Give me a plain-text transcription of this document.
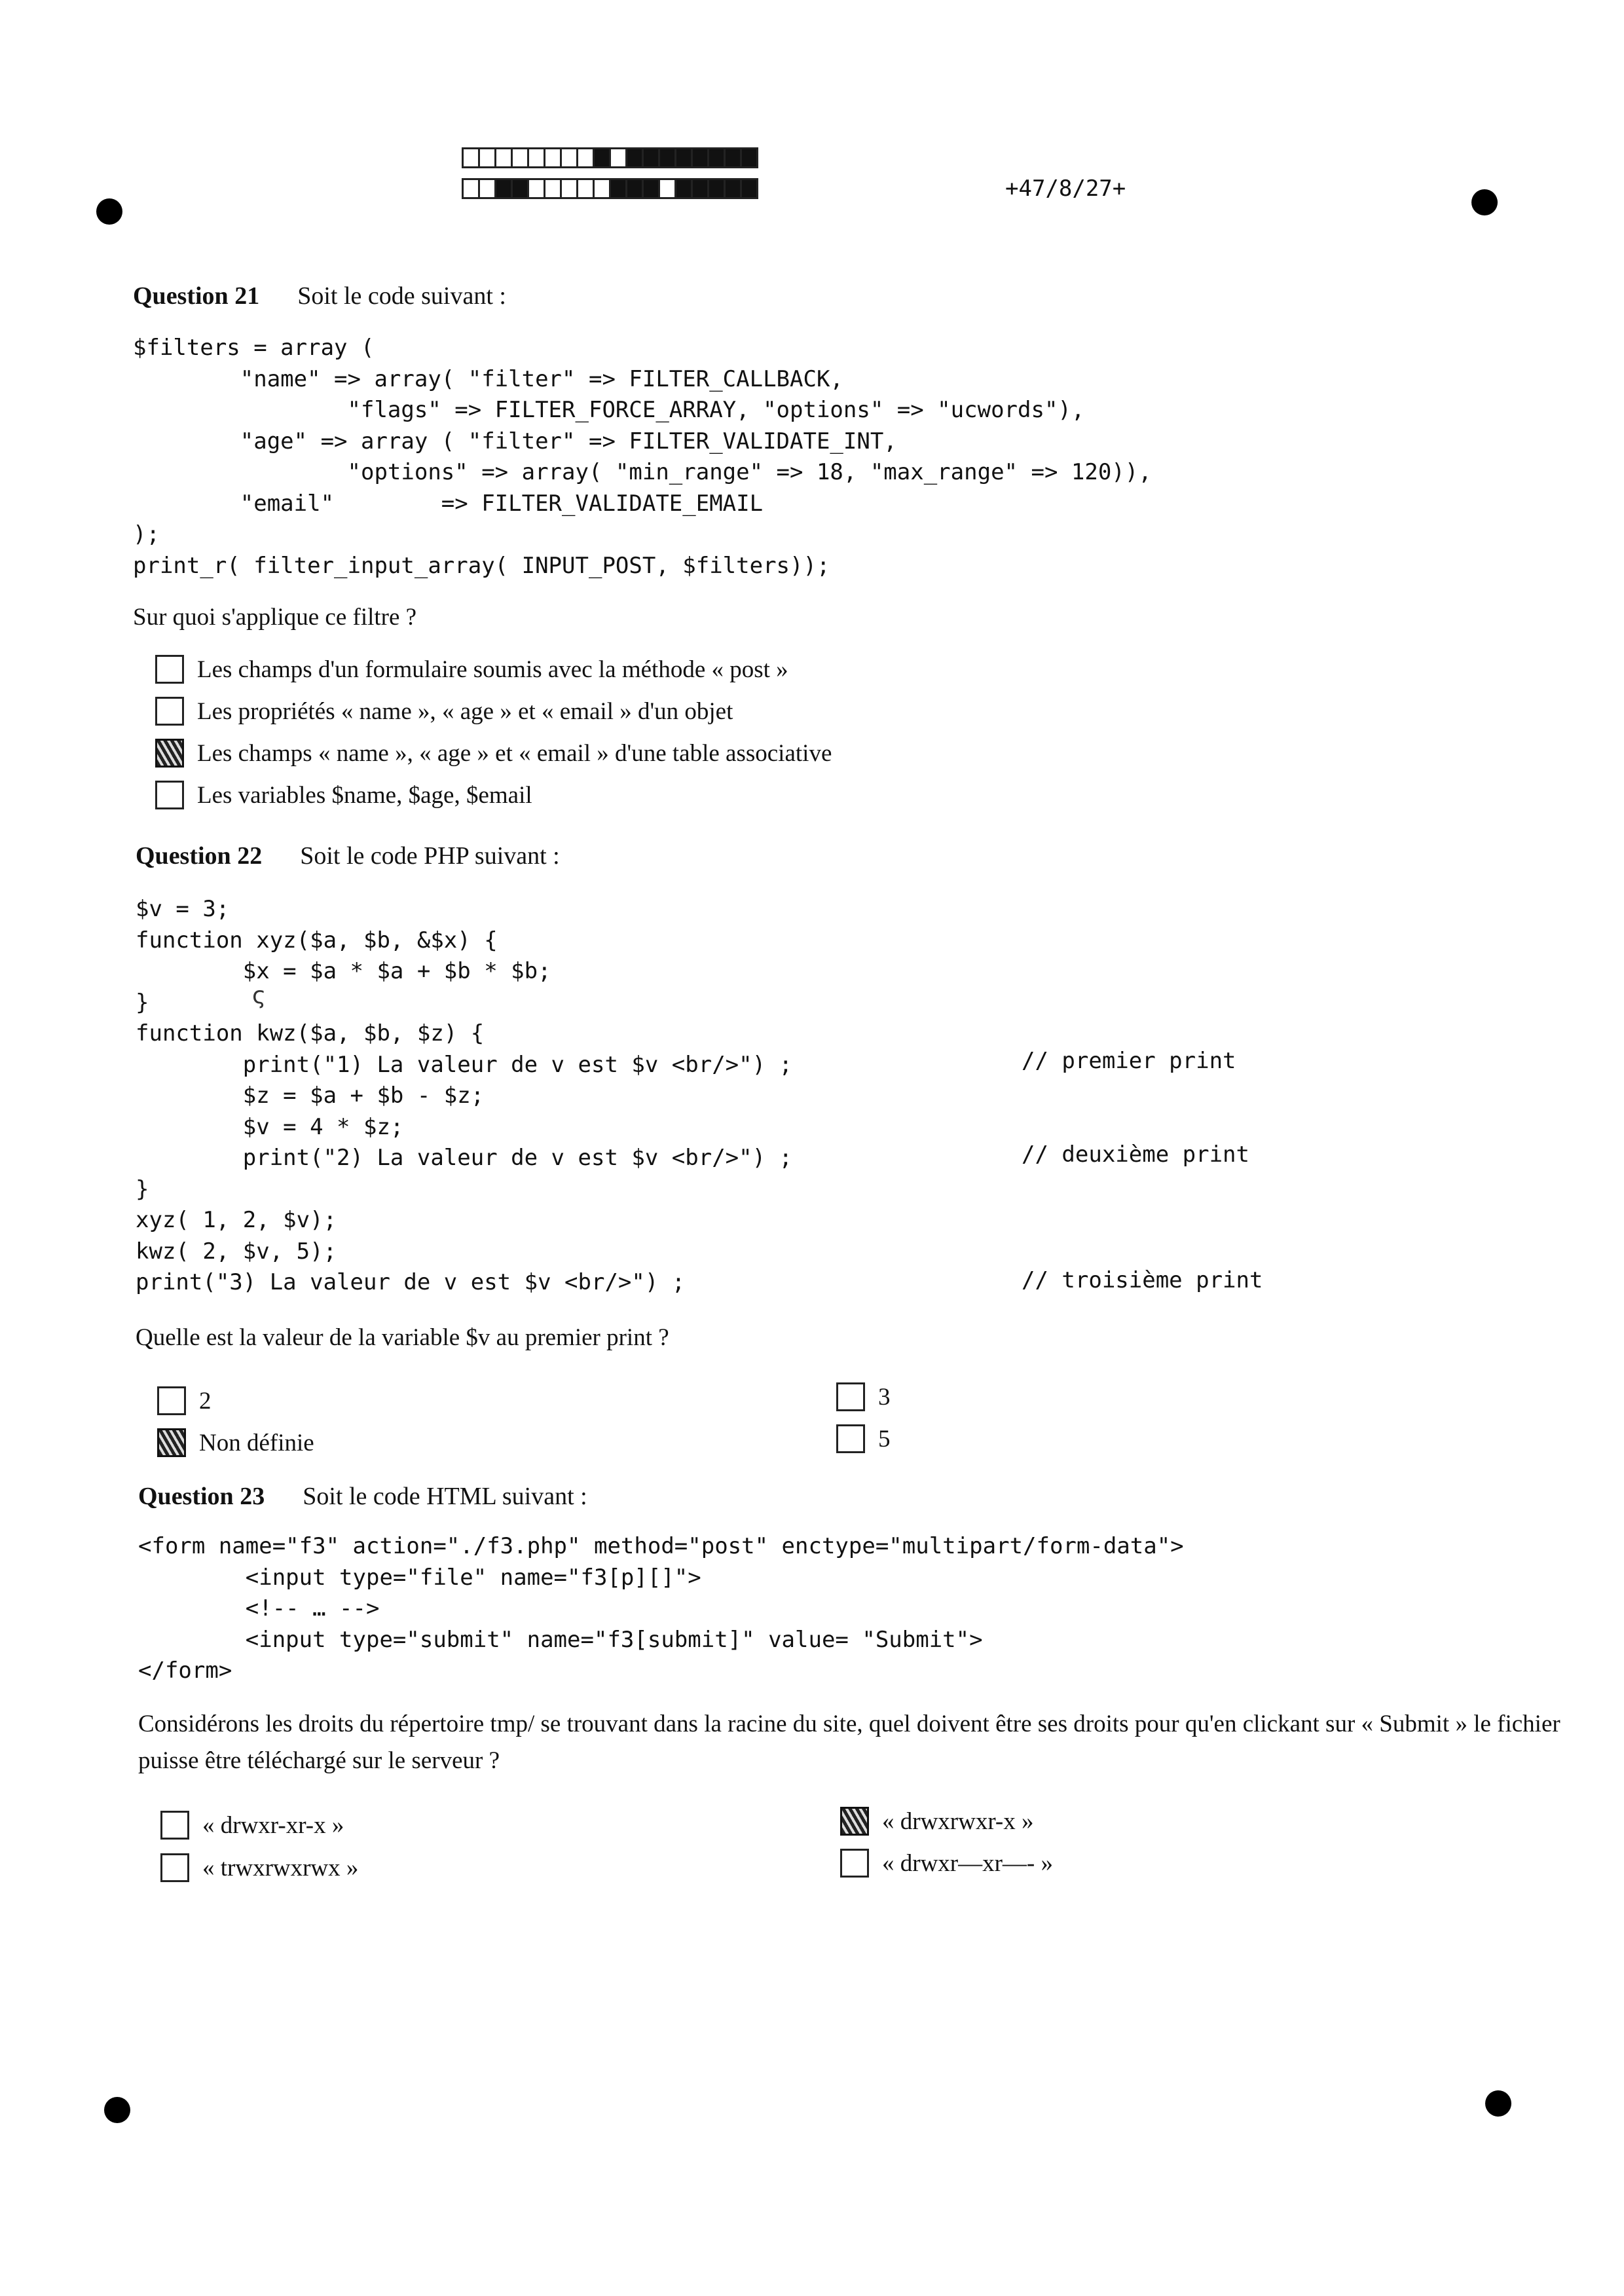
+47/8/27+
Question 21 Soit le code suivant :
$filters = array (
"name" => array( "filter" => FILTER_CALLBACK,
"flags" => FILTER_FORCE_ARRAY, "options" => "ucwords"),
"age" => array ( "filter" => FILTER_VALIDATE_INT,
"options" => array( "min_range" => 18, "max_range" => 120)),
"email"        => FILTER_VALIDATE_EMAIL
);
print_r( filter_input_array( INPUT_POST, $filters));
Sur quoi s'applique ce filtre ?
Les champs d'un formulaire soumis avec la méthode « post »
Les propriétés « name », « age » et « email » d'un objet
Les champs « name », « age » et « email » d'une table associative
Les variables $name, $age, $email
Question 22 Soit le code PHP suivant :
$v = 3;
function xyz($a, $b, &$x) {
$x = $a * $a + $b * $b;
}
function kwz($a, $b, $z) {
print("1) La valeur de v est $v <br/>") ;
$z = $a + $b - $z;
$v = 4 * $z;
print("2) La valeur de v est $v <br/>") ;
}
xyz( 1, 2, $v);
kwz( 2, $v, 5);
print("3) La valeur de v est $v <br/>") ;
// premier print
// deuxième print
// troisième print
ς
Quelle est la valeur de la variable $v au premier print ?
2	3
Non définie	5
Question 23 Soit le code HTML suivant :
<form name="f3" action="./f3.php" method="post" enctype="multipart/form-data">
<input type="file" name="f3[p][]">
<!-- … -->
<input type="submit" name="f3[submit]" value= "Submit">
</form>
Considérons les droits du répertoire tmp/ se trouvant dans la racine du site, quel doivent être ses droits pour qu'en clickant sur « Submit » le fichier puisse être téléchargé sur le serveur ?
« drwxr-xr-x »	« drwxrwxr-x »
« trwxrwxrwx »	« drwxr—xr—- »
